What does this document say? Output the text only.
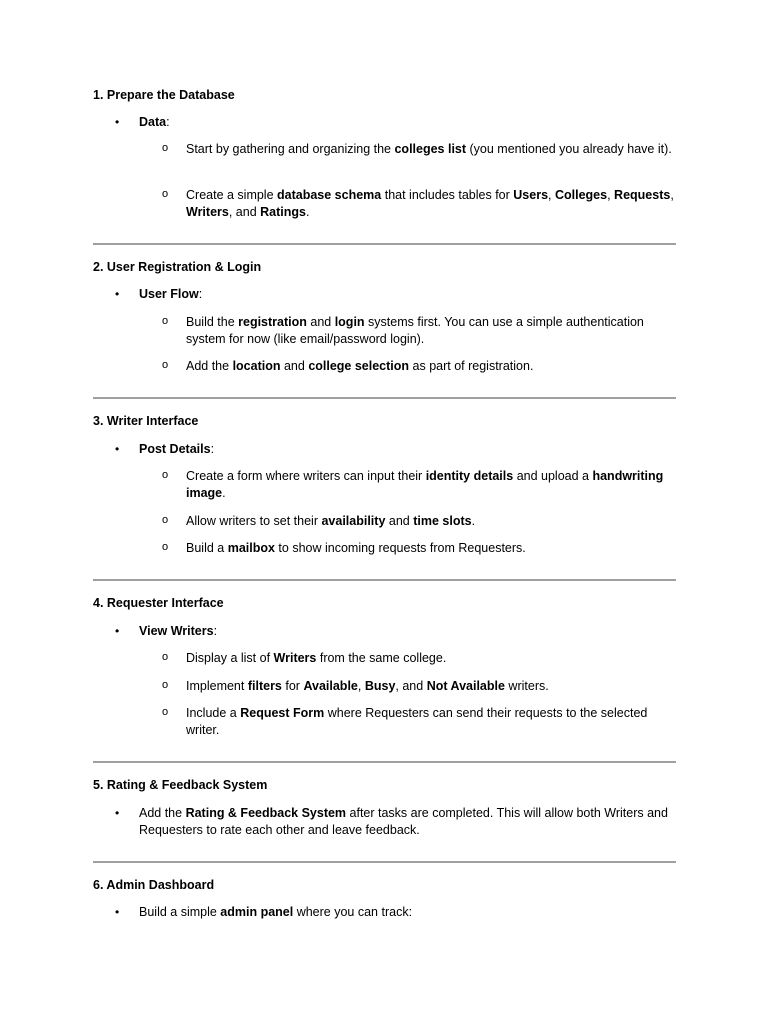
1. Prepare the Database
• Data:
o Start by gathering and organizing the colleges list (you mentioned you already have it).
o Create a simple database schema that includes tables for Users, Colleges, Requests, Writers, and Ratings.
2. User Registration & Login
• User Flow:
o Build the registration and login systems first. You can use a simple authentication system for now (like email/password login).
o Add the location and college selection as part of registration.
3. Writer Interface
• Post Details:
o Create a form where writers can input their identity details and upload a handwriting image.
o Allow writers to set their availability and time slots.
o Build a mailbox to show incoming requests from Requesters.
4. Requester Interface
• View Writers:
o Display a list of Writers from the same college.
o Implement filters for Available, Busy, and Not Available writers.
o Include a Request Form where Requesters can send their requests to the selected writer.
5. Rating & Feedback System
• Add the Rating & Feedback System after tasks are completed. This will allow both Writers and Requesters to rate each other and leave feedback.
6. Admin Dashboard
• Build a simple admin panel where you can track:
